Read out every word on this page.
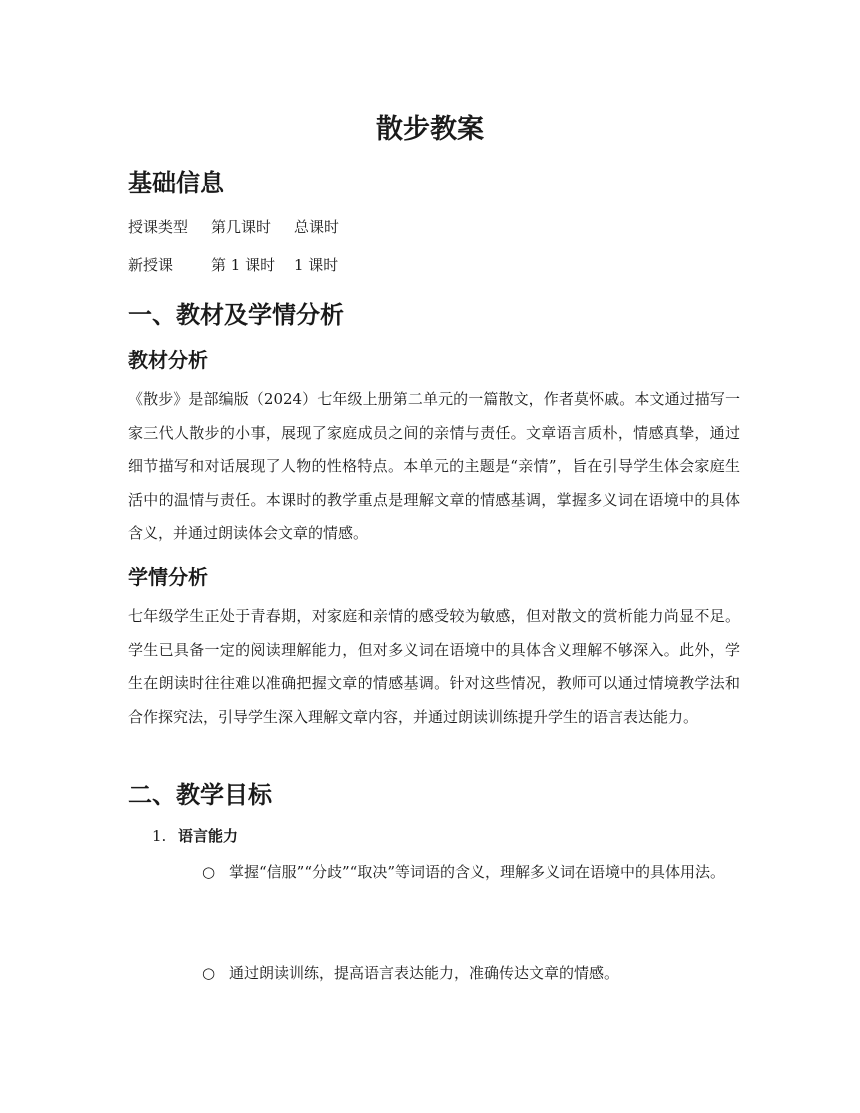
散步教案
基础信息
授课类型 第几课时 总课时
新授课	第 1 课时 1 课时
一、教材及学情分析
教材分析

《散步》是部编版（2024）七年级上册第二单元的一篇散文，作者莫怀戚。本文通过描写一家三代人散步的小事，展现了家庭成员之间的亲情与责任。文章语言质朴，情感真挚，通过细节描写和对话展现了人物的性格特点。本单元的主题是“亲情”，旨在引导学生体会家庭生活中的温情与责任。本课时的教学重点是理解文章的情感基调，掌握多义词在语境中的具体含义，并通过朗读体会文章的情感。

学情分析

七年级学生正处于青春期，对家庭和亲情的感受较为敏感，但对散文的赏析能力尚显不足。学生已具备一定的阅读理解能力，但对多义词在语境中的具体含义理解不够深入。此外，学生在朗读时往往难以准确把握文章的情感基调。针对这些情况，教师可以通过情境教学法和合作探究法，引导学生深入理解文章内容，并通过朗读训练提升学生的语言表达能力。

二、教学目标
1. 语言能力
○ 掌握“信服”“分歧”“取决”等词语的含义，理解多义词在语境中的具体用法。

○ 通过朗读训练，提高语言表达能力，准确传达文章的情感。
